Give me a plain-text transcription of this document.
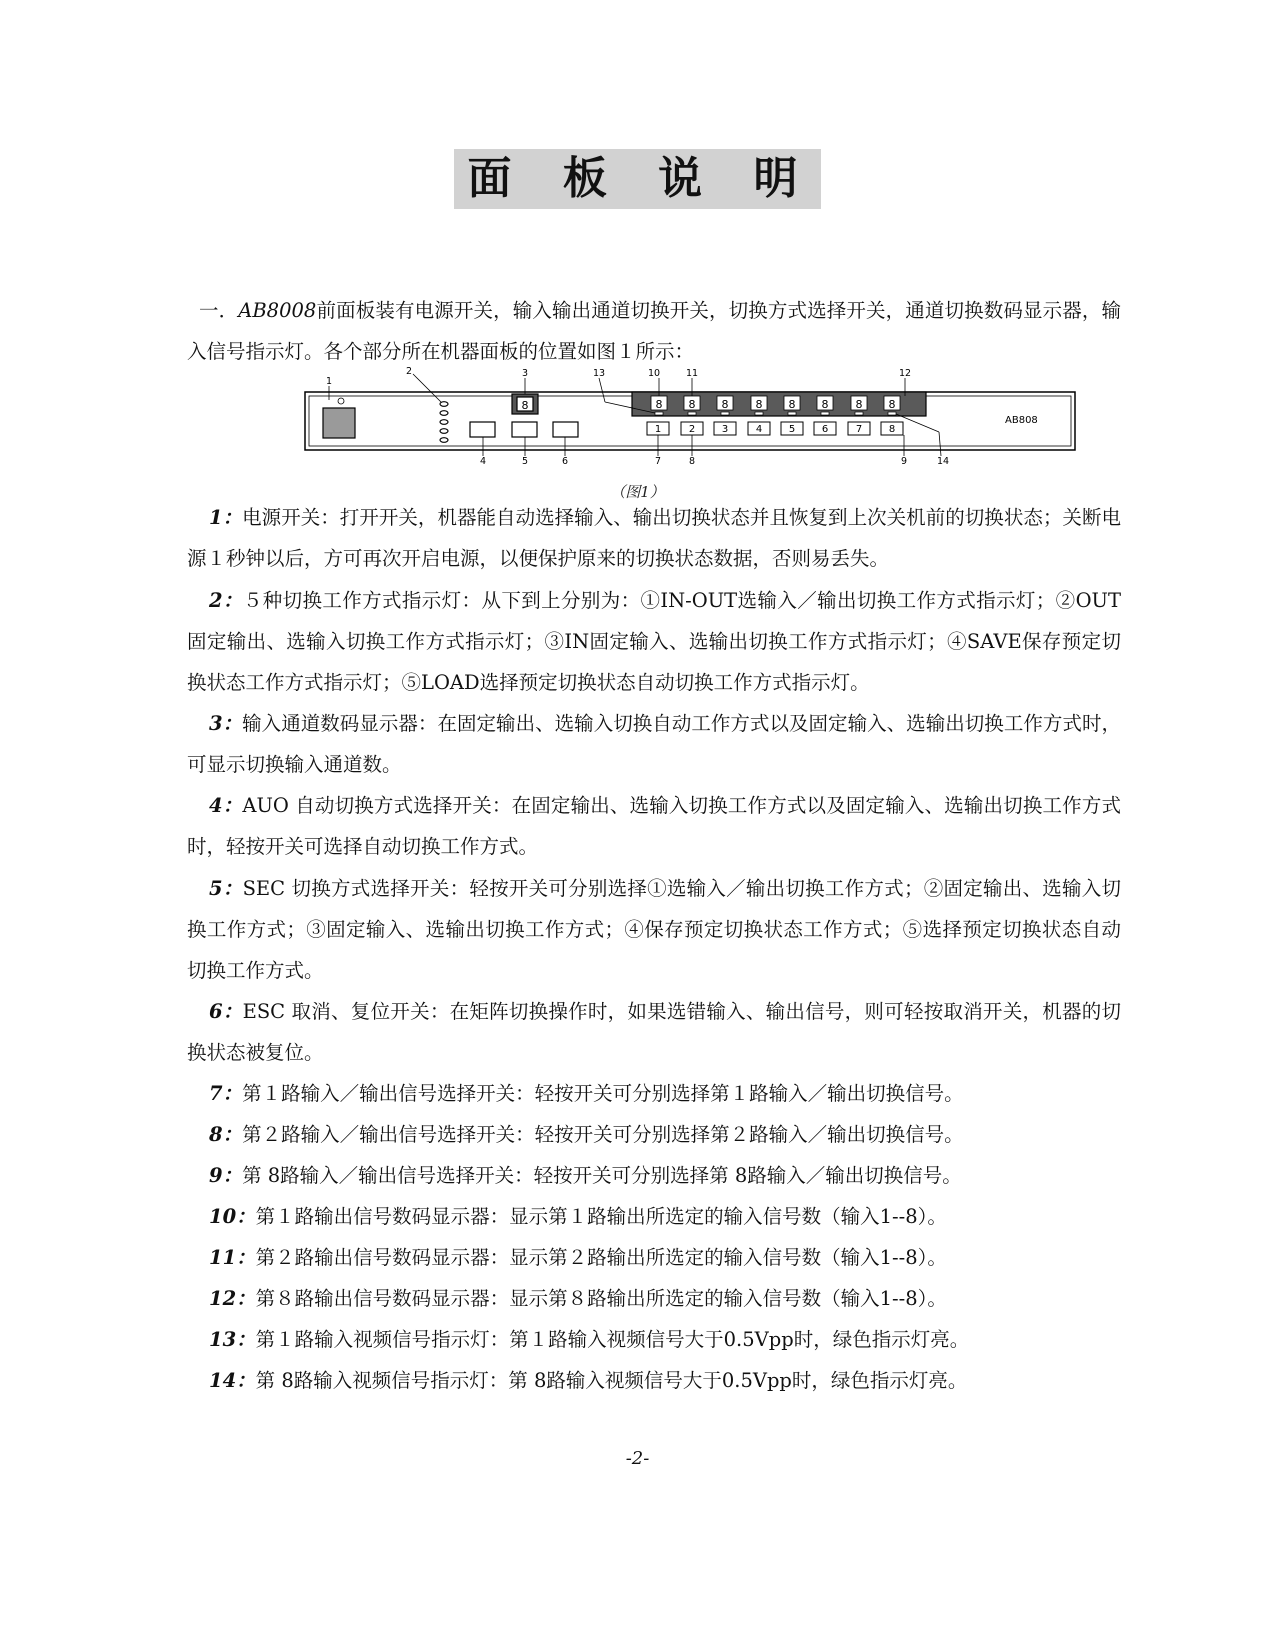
面 板 说 明

一．AB8008前面板装有电源开关，输入输出通道切换开关，切换方式选择开关，通道切换数码显示器，输入信号指示灯。各个部分所在机器面板的位置如图１所示：

8	8 8 8 8 8 8 8 8
1	2	3	4	5	6	7	8
AB808
1
2	3
4	5	6	7	8	9
10	11	12
13
14
（图1）

1：电源开关：打开开关，机器能自动选择输入、输出切换状态并且恢复到上次关机前的切换状态；关断电源１秒钟以后，方可再次开启电源，以便保护原来的切换状态数据，否则易丢失。

2：５种切换工作方式指示灯：从下到上分别为：①IN-OUT选输入／输出切换工作方式指示灯；②OUT固定输出、选输入切换工作方式指示灯；③IN固定输入、选输出切换工作方式指示灯；④SAVE保存预定切换状态工作方式指示灯；⑤LOAD选择预定切换状态自动切换工作方式指示灯。

3：输入通道数码显示器：在固定输出、选输入切换自动工作方式以及固定输入、选输出切换工作方式时，可显示切换输入通道数。

4：AUO 自动切换方式选择开关：在固定输出、选输入切换工作方式以及固定输入、选输出切换工作方式时，轻按开关可选择自动切换工作方式。

5：SEC 切换方式选择开关：轻按开关可分别选择①选输入／输出切换工作方式；②固定输出、选输入切换工作方式；③固定输入、选输出切换工作方式；④保存预定切换状态工作方式；⑤选择预定切换状态自动切换工作方式。

6：ESC 取消、复位开关：在矩阵切换操作时，如果选错输入、输出信号，则可轻按取消开关，机器的切换状态被复位。

7：第１路输入／输出信号选择开关：轻按开关可分别选择第１路输入／输出切换信号。

8：第２路输入／输出信号选择开关：轻按开关可分别选择第２路输入／输出切换信号。

9：第 8路输入／输出信号选择开关：轻按开关可分别选择第 8路输入／输出切换信号。

10：第１路输出信号数码显示器：显示第１路输出所选定的输入信号数（输入1--8）。

11：第２路输出信号数码显示器：显示第２路输出所选定的输入信号数（输入1--8）。

12：第８路输出信号数码显示器：显示第８路输出所选定的输入信号数（输入1--8）。

13：第１路输入视频信号指示灯：第１路输入视频信号大于0.5Vpp时，绿色指示灯亮。

14：第 8路输入视频信号指示灯：第 8路输入视频信号大于0.5Vpp时，绿色指示灯亮。

-2-
